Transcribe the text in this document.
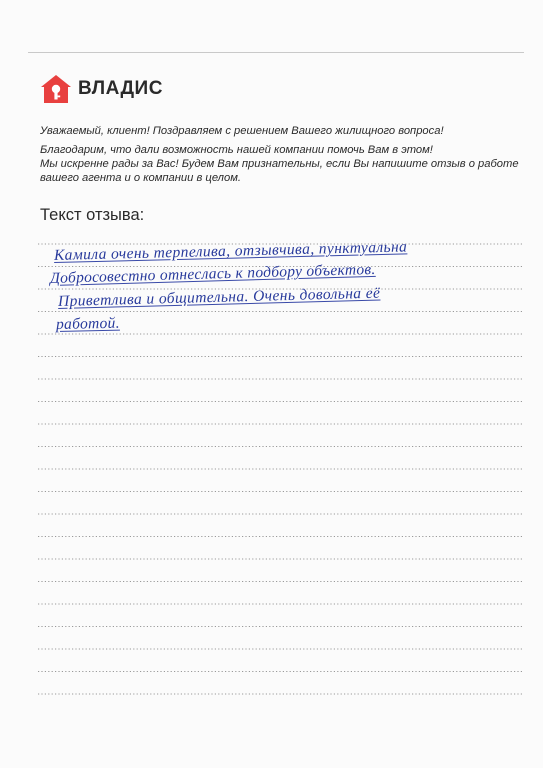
ВЛАДИС

Уважаемый, клиент! Поздравляем с решением Вашего жилищного вопроса!

Благодарим, что дали возможность нашей компании помочь Вам в этом!

Мы искренне рады за Вас! Будем Вам признательны, если Вы напишите отзыв о работе

вашего агента и о компании в целом.

Текст отзыва:
Камила очень терпелива, отзывчива, пунктуальна
Добросовестно отнеслась к подбору объектов.
Приветлива и общительна. Очень довольна её
работой.
